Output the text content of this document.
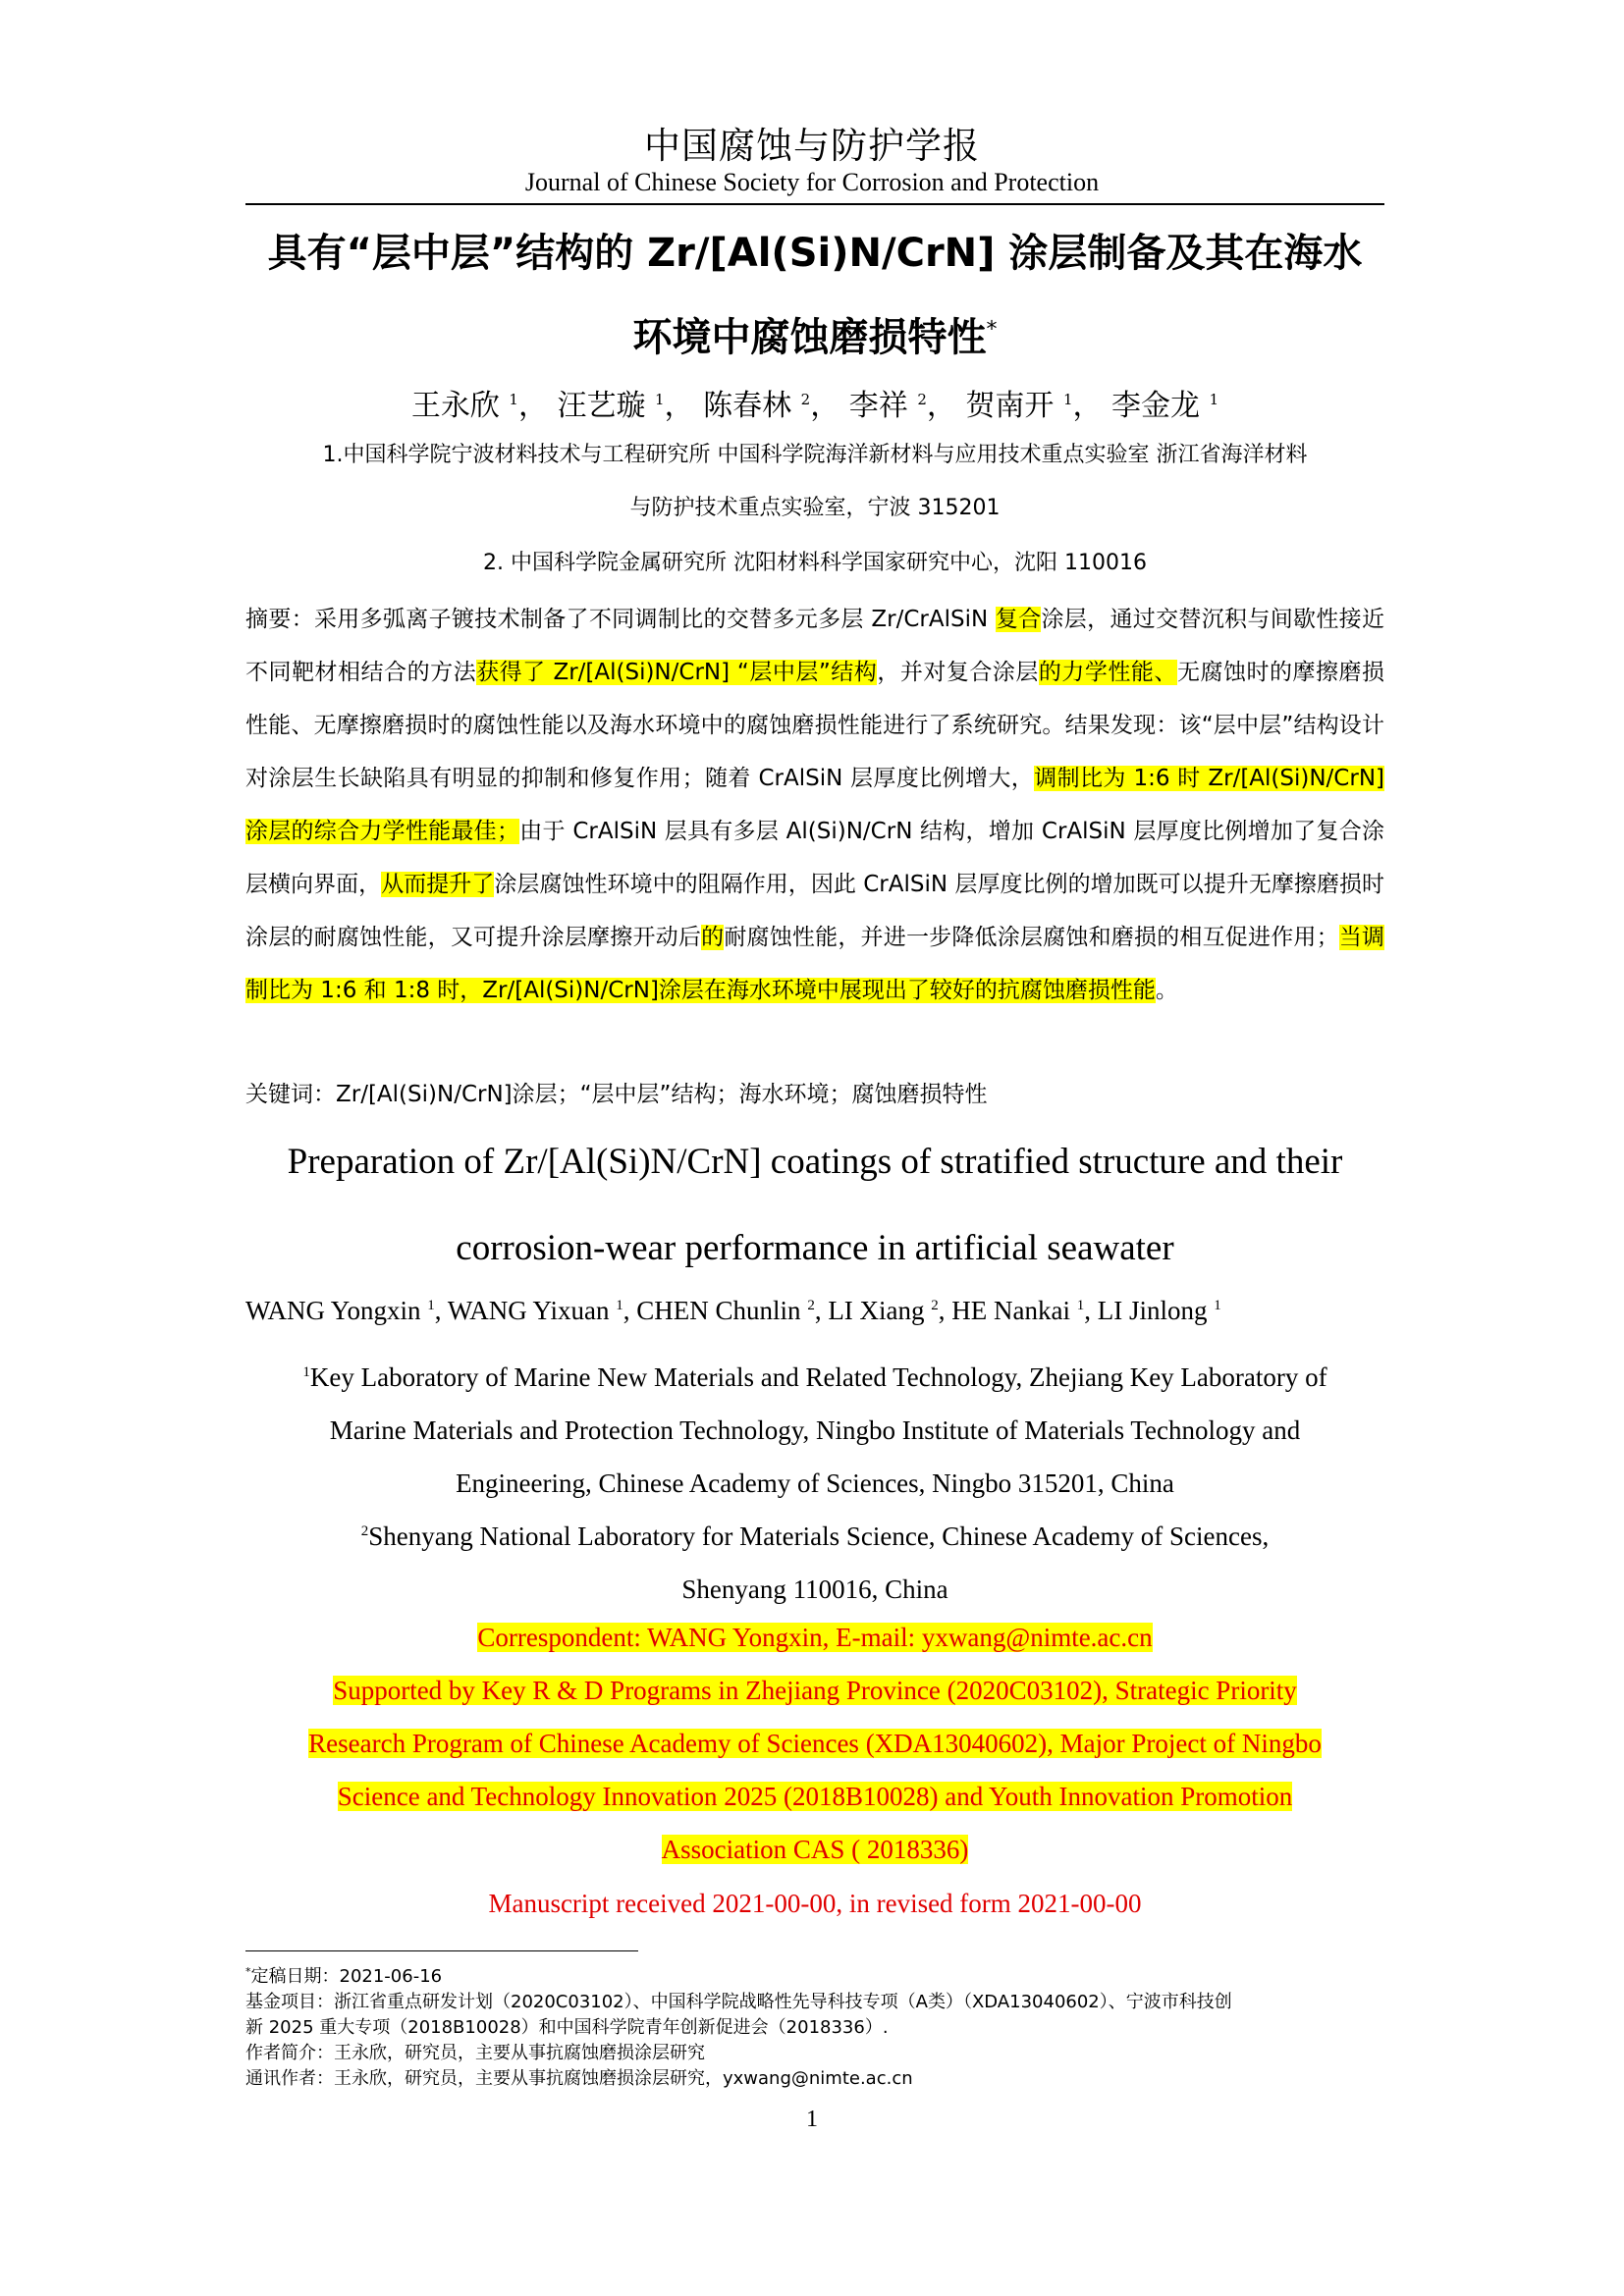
中国腐蚀与防护学报
Journal of Chinese Society for Corrosion and Protection
具有“层中层”结构的 Zr/[Al(Si)N/CrN] 涂层制备及其在海水
环境中腐蚀磨损特性*
王永欣 $^1$， 汪艺璇 $^1$， 陈春林 $^2$， 李祥 $^2$， 贺南开 $^1$， 李金龙 $^1$
1.中国科学院宁波材料技术与工程研究所 中国科学院海洋新材料与应用技术重点实验室 浙江省海洋材料
与防护技术重点实验室，宁波 315201
2. 中国科学院金属研究所 沈阳材料科学国家研究中心，沈阳 110016
摘要：采用多弧离子镀技术制备了不同调制比的交替多元多层 Zr/CrAlSiN 复合涂层，通过交替沉积与间歇性接近不同靶材相结合的方法获得了 Zr/[Al(Si)N/CrN] “层中层”结构，并对复合涂层的力学性能、无腐蚀时的摩擦磨损性能、无摩擦磨损时的腐蚀性能以及海水环境中的腐蚀磨损性能进行了系统研究。结果发现：该“层中层”结构设计对涂层生长缺陷具有明显的抑制和修复作用；随着 CrAlSiN 层厚度比例增大，调制比为 1:6 时 Zr/[Al(Si)N/CrN]涂层的综合力学性能最佳；由于 CrAlSiN 层具有多层 Al(Si)N/CrN 结构，增加 CrAlSiN 层厚度比例增加了复合涂层横向界面，从而提升了涂层腐蚀性环境中的阻隔作用，因此 CrAlSiN 层厚度比例的增加既可以提升无摩擦磨损时涂层的耐腐蚀性能，又可提升涂层摩擦开动后的耐腐蚀性能，并进一步降低涂层腐蚀和磨损的相互促进作用；当调制比为 1:6 和 1:8 时，Zr/[Al(Si)N/CrN]涂层在海水环境中展现出了较好的抗腐蚀磨损性能。
关键词：Zr/[Al(Si)N/CrN]涂层；“层中层”结构；海水环境；腐蚀磨损特性
Preparation of Zr/[Al(Si)N/CrN] coatings of stratified structure and their
corrosion-wear performance in artificial seawater
WANG Yongxin $^1$, WANG Yixuan $^1$, CHEN Chunlin $^2$, LI Xiang $^2$, HE Nankai $^1$, LI Jinlong $^1$
$^1$Key Laboratory of Marine New Materials and Related Technology, Zhejiang Key Laboratory of
Marine Materials and Protection Technology, Ningbo Institute of Materials Technology and
Engineering, Chinese Academy of Sciences, Ningbo 315201, China
$^2$Shenyang National Laboratory for Materials Science, Chinese Academy of Sciences,
Shenyang 110016, China
Correspondent: WANG Yongxin, E-mail: yxwang@nimte.ac.cn
Supported by Key R & D Programs in Zhejiang Province (2020C03102), Strategic Priority
Research Program of Chinese Academy of Sciences (XDA13040602), Major Project of Ningbo
Science and Technology Innovation 2025 (2018B10028) and Youth Innovation Promotion
Association CAS ( 2018336)
Manuscript received 2021-00-00, in revised form 2021-00-00
*定稿日期：2021-06-16
基金项目：浙江省重点研发计划（2020C03102）、中国科学院战略性先导科技专项（A类）（XDA13040602）、宁波市科技创
新 2025 重大专项（2018B10028）和中国科学院青年创新促进会（2018336）.
作者简介：王永欣，研究员，主要从事抗腐蚀磨损涂层研究
通讯作者：王永欣，研究员，主要从事抗腐蚀磨损涂层研究，yxwang@nimte.ac.cn
1
